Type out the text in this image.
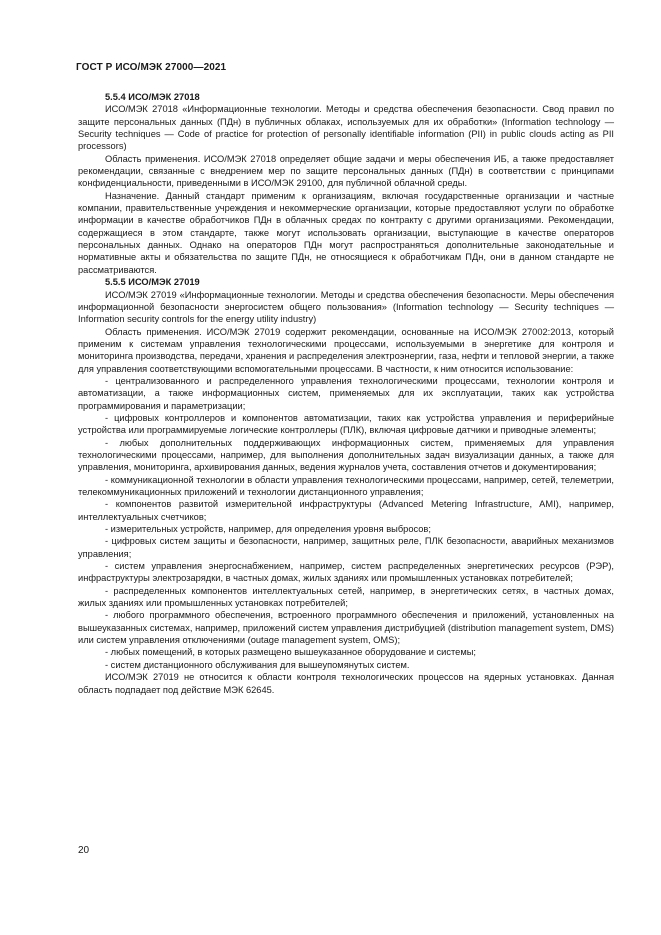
ГОСТ Р ИСО/МЭК 27000—2021

5.5.4 ИСО/МЭК 27018

ИСО/МЭК 27018 «Информационные технологии. Методы и средства обеспечения безопасности. Свод правил по защите персональных данных (ПДн) в публичных облаках, используемых для их обработки» (Information technology — Security techniques — Code of practice for protection of personally identifiable information (PII) in public clouds acting as PII processors)

Область применения. ИСО/МЭК 27018 определяет общие задачи и меры обеспечения ИБ, а также предоставляет рекомендации, связанные с внедрением мер по защите персональных данных (ПДн) в соответствии с принципами конфиденциальности, приведенными в ИСО/МЭК 29100, для публичной облачной среды.

Назначение. Данный стандарт применим к организациям, включая государственные организации и частные компании, правительственные учреждения и некоммерческие организации, которые предоставляют услуги по обработке информации в качестве обработчиков ПДн в облачных средах по контракту с другими организациями. Рекомендации, содержащиеся в этом стандарте, также могут использовать организации, выступающие в качестве операторов персональных данных. Однако на операторов ПДн могут распространяться дополнительные законодательные и нормативные акты и обязательства по защите ПДн, не относящиеся к обработчикам ПДн, они в данном стандарте не рассматриваются.

5.5.5 ИСО/МЭК 27019

ИСО/МЭК 27019 «Информационные технологии. Методы и средства обеспечения безопасности. Меры обеспечения информационной безопасности энергосистем общего пользования» (Information technology — Security techniques — Information security controls for the energy utility industry)

Область применения. ИСО/МЭК 27019 содержит рекомендации, основанные на ИСО/МЭК 27002:2013, который применим к системам управления технологическими процессами, используемыми в энергетике для контроля и мониторинга производства, передачи, хранения и распределения электроэнергии, газа, нефти и тепловой энергии, а также для управления соответствующими вспомогательными процессами. В частности, к ним относится использование:

- централизованного и распределенного управления технологическими процессами, технологии контроля и автоматизации, а также информационных систем, применяемых для их эксплуатации, таких как устройства программирования и параметризации;

- цифровых контроллеров и компонентов автоматизации, таких как устройства управления и периферийные устройства или программируемые логические контроллеры (ПЛК), включая цифровые датчики и приводные элементы;

- любых дополнительных поддерживающих информационных систем, применяемых для управления технологическими процессами, например, для выполнения дополнительных задач визуализации данных, а также для управления, мониторинга, архивирования данных, ведения журналов учета, составления отчетов и документирования;

- коммуникационной технологии в области управления технологическими процессами, например, сетей, телеметрии, телекоммуникационных приложений и технологии дистанционного управления;

- компонентов развитой измерительной инфраструктуры (Advanced Metering Infrastructure, AMI), например, интеллектуальных счетчиков;

- измерительных устройств, например, для определения уровня выбросов;

- цифровых систем защиты и безопасности, например, защитных реле, ПЛК безопасности, аварийных механизмов управления;

- систем управления энергоснабжением, например, систем распределенных энергетических ресурсов (РЭР), инфраструктуры электрозарядки, в частных домах, жилых зданиях или промышленных установках потребителей;

- распределенных компонентов интеллектуальных сетей, например, в энергетических сетях, в частных домах, жилых зданиях или промышленных установках потребителей;

- любого программного обеспечения, встроенного программного обеспечения и приложений, установленных на вышеуказанных системах, например, приложений систем управления дистрибуцией (distribution management system, DMS) или систем управления отключениями (outage management system, OMS);

- любых помещений, в которых размещено вышеуказанное оборудование и системы;

- систем дистанционного обслуживания для вышеупомянутых систем.

ИСО/МЭК 27019 не относится к области контроля технологических процессов на ядерных установках. Данная область подпадает под действие МЭК 62645.

20
